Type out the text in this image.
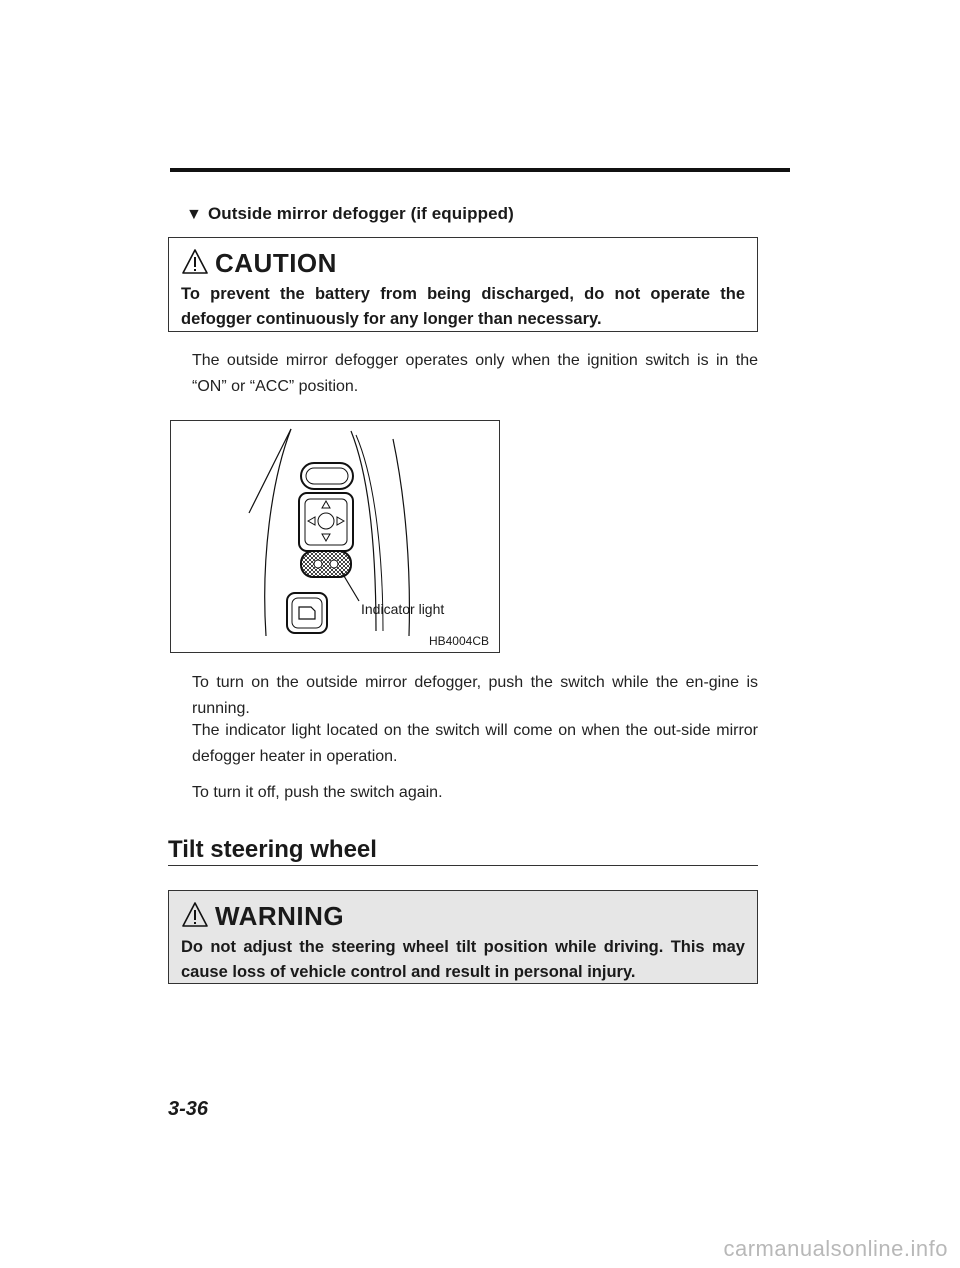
▼ Outside mirror defogger (if equipped)
CAUTION
To prevent the battery from being discharged, do not operate the defogger continuously for any longer than necessary.
The outside mirror defogger operates only when the ignition switch is in the “ON” or “ACC” position.
Indicator light
HB4004CB
To turn on the outside mirror defogger, push the switch while the en-gine is running.
The indicator light located on the switch will come on when the out-side mirror defogger heater in operation.
To turn it off, push the switch again.
Tilt steering wheel
WARNING
Do not adjust the steering wheel tilt position while driving. This may cause loss of vehicle control and result in personal injury.
3-36
carmanualsonline.info
